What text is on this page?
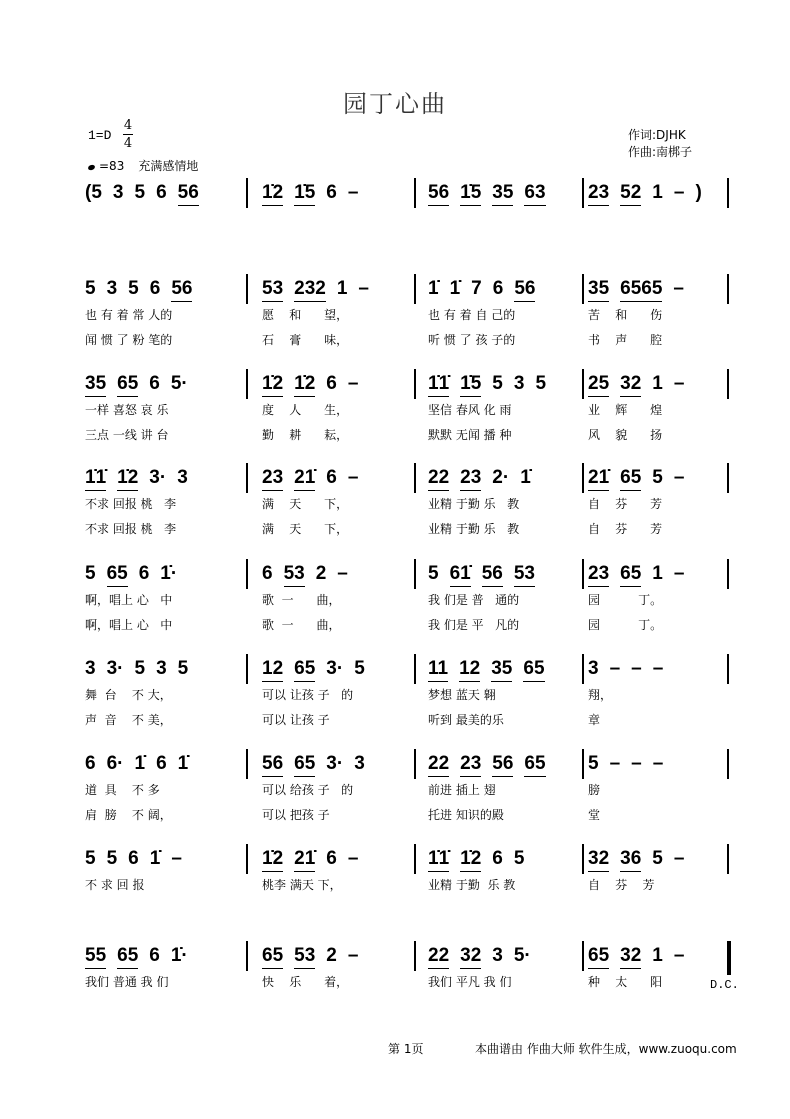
园丁心曲
1=D
4
4
=83 充满感情地
作词:DJHK
作曲:南梆子
(5 3 5 6 56	1̇2 1̇5 6 –	56 1̇5 35 63	23 52 1 – )
5 3 5 6 56
也 有 着 常 人的
闻 惯 了 粉 笔的
53 232 1 –
愿    和      望，
石    膏      味，
1̇ 1̇ 7 6 56
也 有 着 自 己的
听 惯 了 孩 子的
35 6565 –
苦    和      伤
书    声      腔
35 65 6 5·
一样 喜怒 哀 乐
三点 一线 讲 台
1̇2 1̇2 6 –
度    人      生，
勤    耕      耘，
1̇1̇ 1̇5 5 3 5
坚信 春风 化 雨
默默 无闻 播 种
25 32 1 –
业    辉      煌
风    貌      扬
1̇1̇ 1̇2 3· 3
不求 回报 桃   李
不求 回报 桃   李
23 21̇ 6 –
满    天      下，
满    天      下，
22 23 2· 1̇
业精 于勤 乐   教
业精 于勤 乐   教
21̇ 65 5 –
自    芬      芳
自    芬      芳
5 65 6 1̇·
啊，唱上 心   中
啊，唱上 心   中
6 53 2 –
歌  一      曲，
歌  一      曲，
5 61̇ 56 53
我 们是 普   通的
我 们是 平   凡的
23 65 1 –
园          丁。
园          丁。
3 3· 5 3 5
舞  台    不 大，
声  音    不 美，
12 65 3· 5
可以 让孩 子   的
可以 让孩 子
11 12 35 65
梦想 蓝天 翱
听到 最美的乐
3 – – –
翔，
章
6 6· 1̇ 6 1̇
道  具    不 多
肩  膀    不 阔，
56 65 3· 3
可以 给孩 子   的
可以 把孩 子
22 23 56 65
前进 插上 翅
托进 知识的殿
5 – – –
膀
堂
5 5 6 1̇ –
不 求 回 报
1̇2 21̇ 6 –
桃李 满天 下，
1̇1̇ 1̇2 6 5
业精 于勤  乐 教
32 36 5 –
自    芬    芳
55 65 6 1̇·
我们 普通 我 们
65 53 2 –
快    乐      着，
22 32 3 5·
我们 平凡 我 们
65 32 1 –
种    太      阳	D.C.
第 1页	本曲谱由 作曲大师 软件生成，www.zuoqu.com
